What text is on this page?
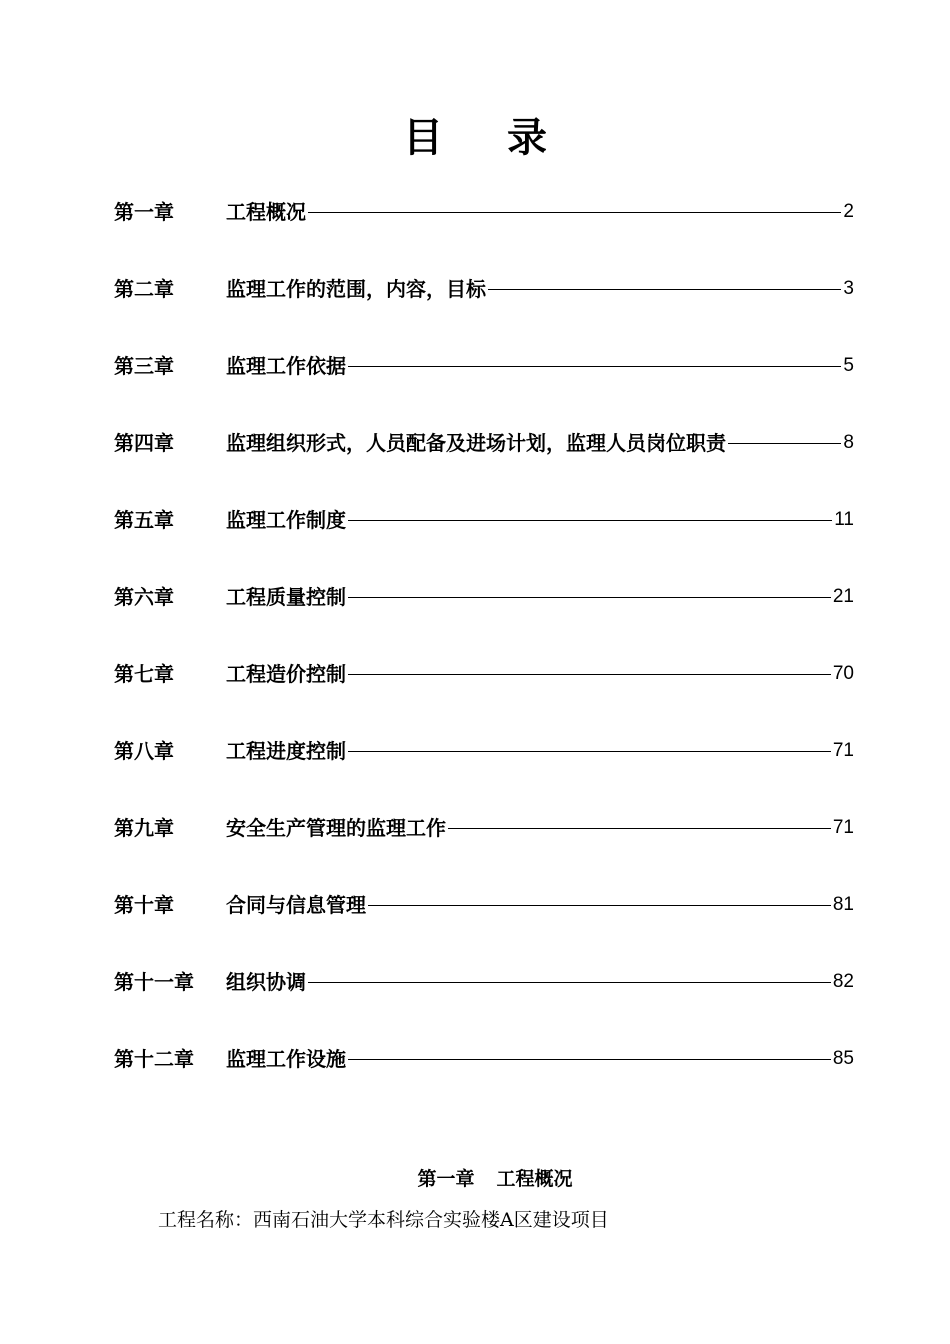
目 录
第一章	工程概况	2
第二章	监理工作的范围，内容，目标	3
第三章	监理工作依据	5
第四章	监理组织形式，人员配备及进场计划，监理人员岗位职责	8
第五章	监理工作制度	11
第六章	工程质量控制	21
第七章	工程造价控制	70
第八章	工程进度控制	71
第九章	安全生产管理的监理工作	71
第十章	合同与信息管理	81
第十一章	组织协调	82
第十二章	监理工作设施	85
第一章 工程概况
工程名称：西南石油大学本科综合实验楼A区建设项目
